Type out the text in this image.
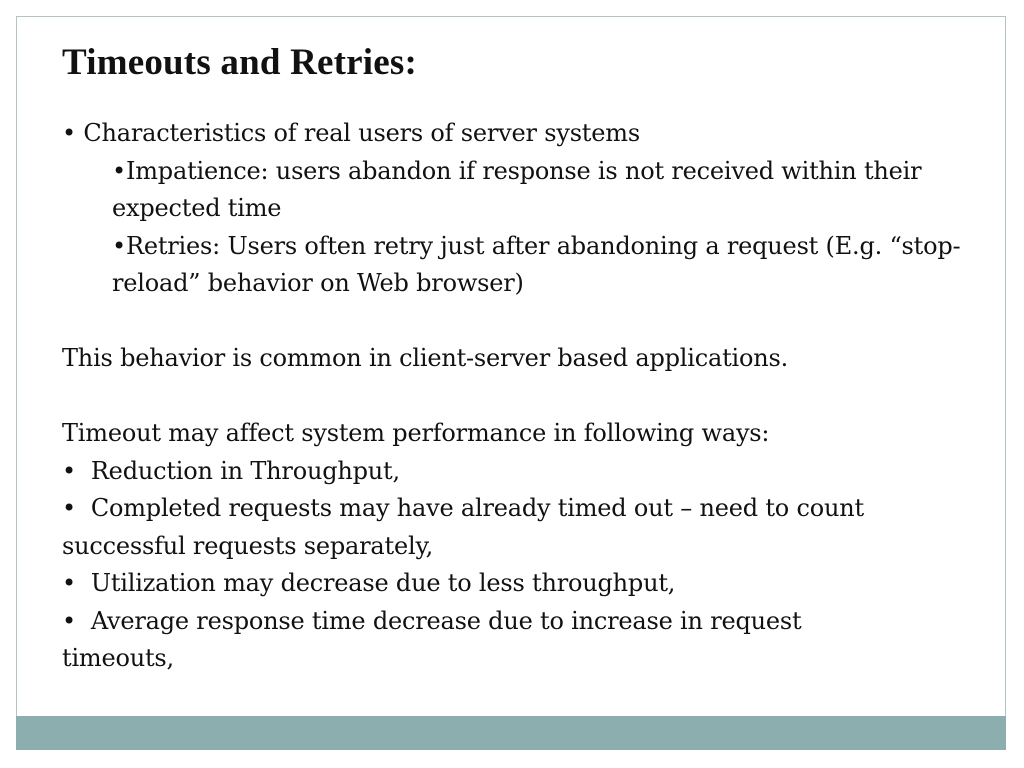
Timeouts and Retries:

• Characteristics of real users of server systems

•Impatience: users abandon if response is not received within their expected time

•Retries: Users often retry just after abandoning a request (E.g. “stop-reload” behavior on Web browser)

This behavior is common in client-server based applications.

Timeout may affect system performance in following ways:

•  Reduction in Throughput,

•  Completed requests may have already timed out – need to count

successful requests separately,

•  Utilization may decrease due to less throughput,

•  Average response time decrease due to increase in request

timeouts,
